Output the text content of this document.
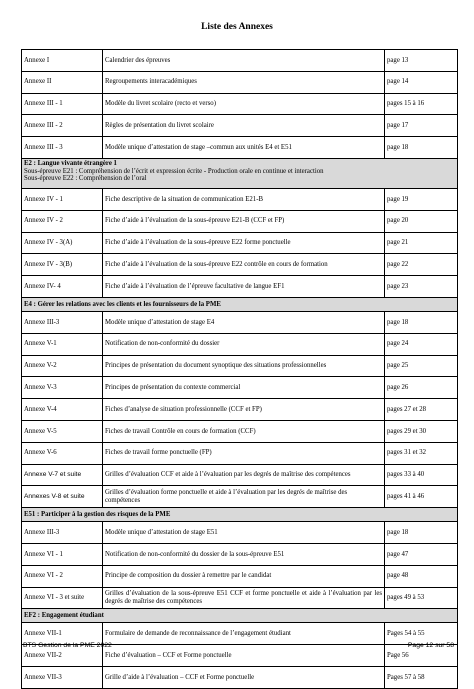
Liste des Annexes
Annexe I	Calendrier des épreuves	page 13
Annexe II	Regroupements interacadémiques	page 14
Annexe III - 1	Modèle du livret scolaire (recto et verso)	pages 15 à 16
Annexe III - 2	Règles de présentation du livret scolaire	page 17
Annexe III - 3	Modèle unique d’attestation de stage –commun aux unités E4 et E51	page 18
E2 : Langue vivante étrangère 1
Sous-épreuve E21 : Compréhension de l’écrit et expression écrite - Production orale en continue et interaction
Sous-épreuve E22 : Compréhension de l’oral		

Annexe IV - 1	Fiche descriptive de la situation de communication E21-B	page 19
Annexe IV - 2	Fiche d’aide à l’évaluation de la sous-épreuve E21-B (CCF et FP)	page 20
Annexe IV - 3(A)	Fiche d’aide à l’évaluation de la sous-épreuve E22 forme ponctuelle	page 21
Annexe IV - 3(B)	Fiche d’aide à l’évaluation de la sous-épreuve E22 contrôle en cours de formation	page 22
Annexe IV- 4	Fiche d’aide à l’évaluation de l’épreuve facultative de langue EF1	page 23
E4 : Gérer les relations avec les clients et les fournisseurs de la PME		
Annexe III-3	Modèle unique d’attestation de stage E4	page 18
Annexe V-1	Notification de non-conformité du dossier	page 24
Annexe V-2	Principes de présentation du document synoptique des situations professionnelles	page 25
Annexe V-3	Principes de présentation du contexte commercial	page 26
Annexe V-4	Fiches d’analyse de situation professionnelle (CCF et FP)	pages 27 et 28
Annexe V-5	Fiches de travail Contrôle en cours de formation (CCF)	pages 29 et 30
Annexe V-6	Fiches de travail forme ponctuelle (FP)	pages 31 et 32
Annexe V-7 et suite	Grilles d’évaluation CCF et aide à l’évaluation par les degrés de maîtrise des compétences	pages 33 à 40
Annexes V-8 et suite	Grilles d’évaluation forme ponctuelle et aide à l’évaluation par les degrés de maîtrise des compétences	pages 41 à 46
E51 : Participer à la gestion des risques de la PME		
Annexe III-3	Modèle unique d’attestation de stage E51	page 18
Annexe VI - 1	Notification de non-conformité du dossier de la sous-épreuve E51	page 47
Annexe VI - 2	Principe de composition du dossier à remettre par le candidat	page 48
Annexe VI - 3 et suite	Grilles d’évaluation de la sous-épreuve E51 CCF et forme ponctuelle et aide à l’évaluation par les degrés de maîtrise des compétences	pages 49 à 53
EF2 : Engagement étudiant		
Annexe VII-1	Formulaire de demande de reconnaissance de l’engagement étudiant	Pages 54 à 55
Annexe VII-2	Fiche d’évaluation – CCF et Forme ponctuelle	Page 56
Annexe VII-3	Grille d’aide à l’évaluation – CCF et Forme ponctuelle	Pages 57 à 58
BTS Gestion de la PME 2022	Page 12 sur 58
